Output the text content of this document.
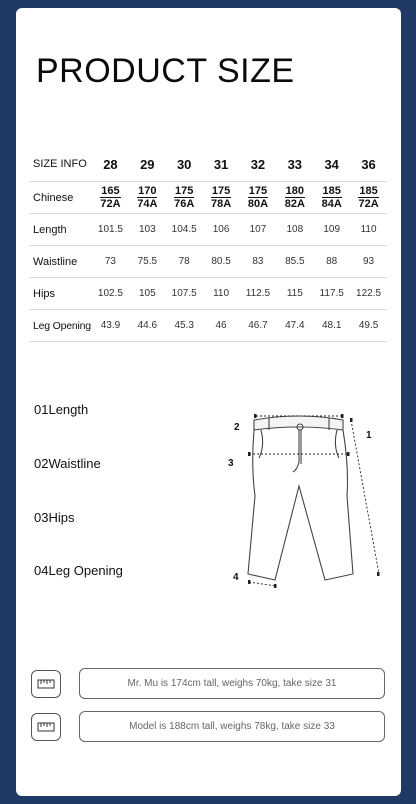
PRODUCT SIZE
SIZE INFO	28	29	30	31	32	33	34	36
Chinese	$\frac{165}{72A}$	$\frac{170}{74A}$	$\frac{175}{76A}$	$\frac{175}{78A}$	$\frac{175}{80A}$	$\frac{180}{82A}$	$\frac{185}{84A}$	$\frac{185}{72A}$

Length	101.5	103	104.5	106	107	108	109	110
Waistline	73	75.5	78	80.5	83	85.5	88	93
Hips	102.5	105	107.5	110	112.5	115	117.5	122.5
Leg Opening	43.9	44.6	45.3	46	46.7	47.4	48.1	49.5
01Length
02Waistline
03Hips
04Leg Opening
1
2
3
4
Mr. Mu is 174cm tall, weighs 70kg, take size 31
Model is 188cm tall, weighs 78kg, take size 33
